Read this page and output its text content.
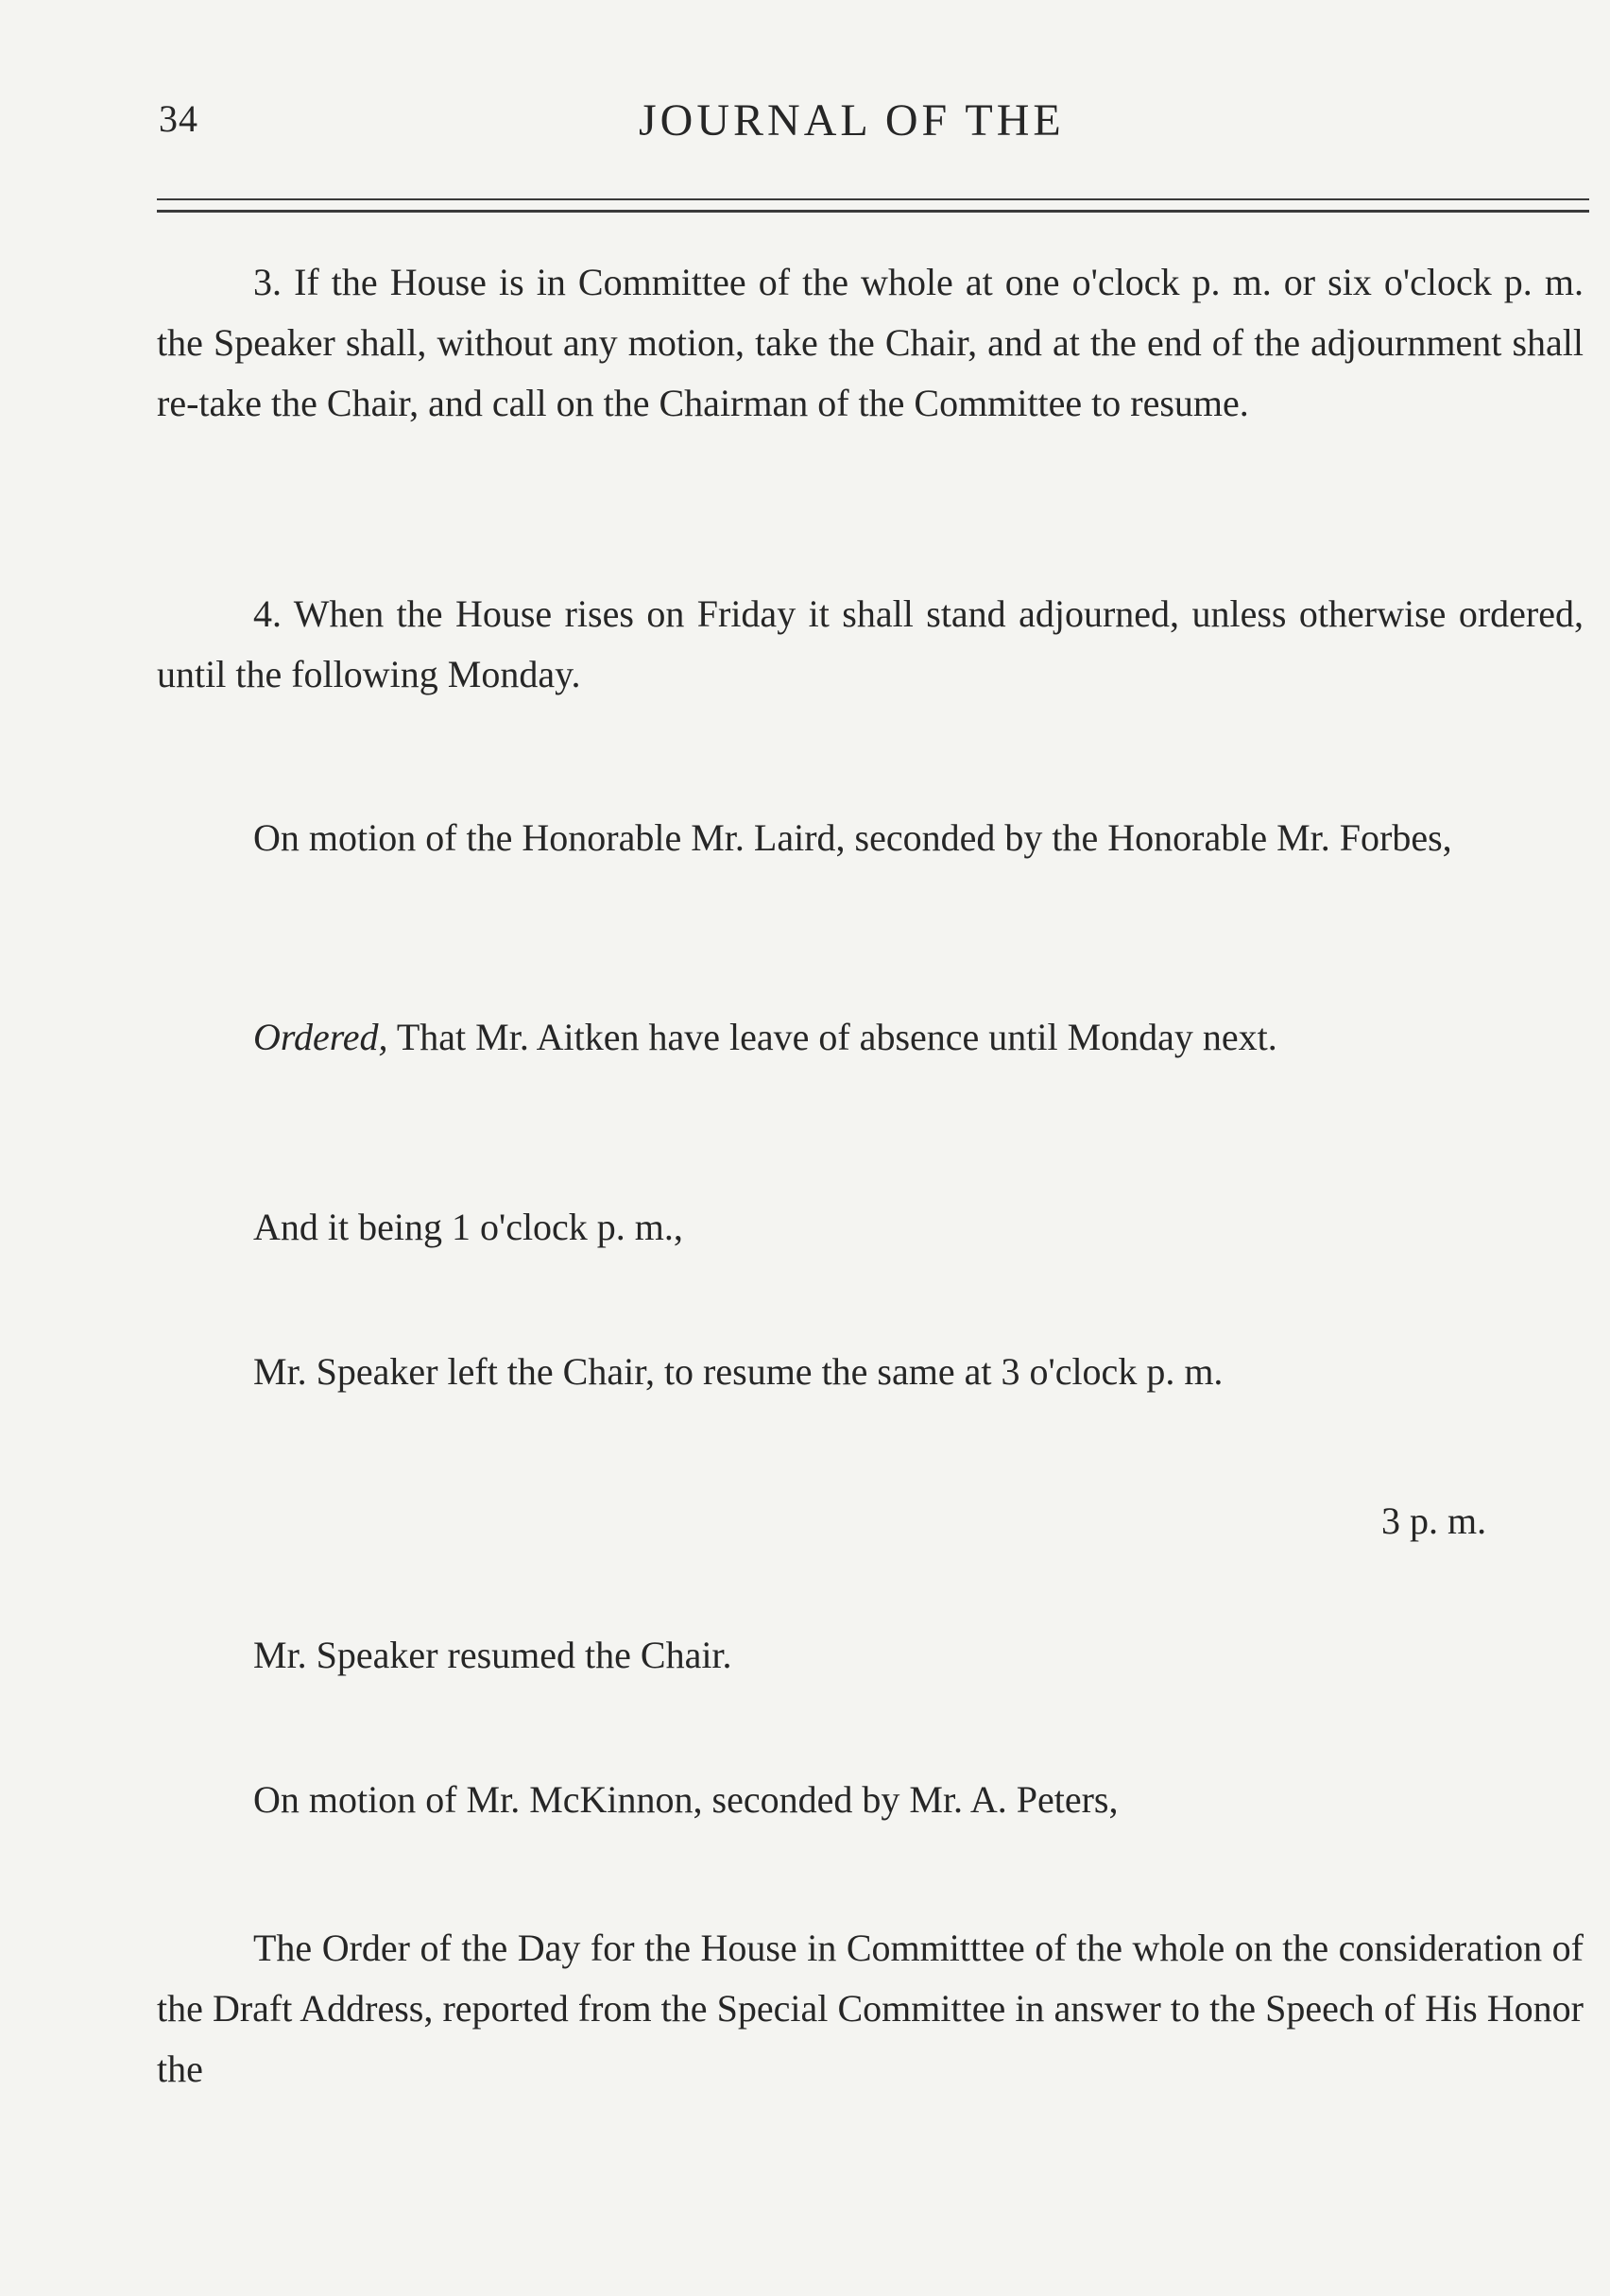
34	JOURNAL OF THE

3. If the House is in Committee of the whole at one o'clock p. m. or six o'clock p. m. the Speaker shall, without any motion, take the Chair, and at the end of the adjournment shall re-take the Chair, and call on the Chairman of the Committee to resume.

4. When the House rises on Friday it shall stand adjourned, unless otherwise ordered, until the following Monday.

On motion of the Honorable Mr. Laird, seconded by the Honorable Mr. Forbes,

Ordered, That Mr. Aitken have leave of absence until Monday next.

And it being 1 o'clock p. m.,

Mr. Speaker left the Chair, to resume the same at 3 o'clock p. m.

3 p. m.

Mr. Speaker resumed the Chair.

On motion of Mr. McKinnon, seconded by Mr. A. Peters,

The Order of the Day for the House in Committtee of the whole on the consideration of the Draft Address, reported from the Special Committee in answer to the Speech of His Honor the
